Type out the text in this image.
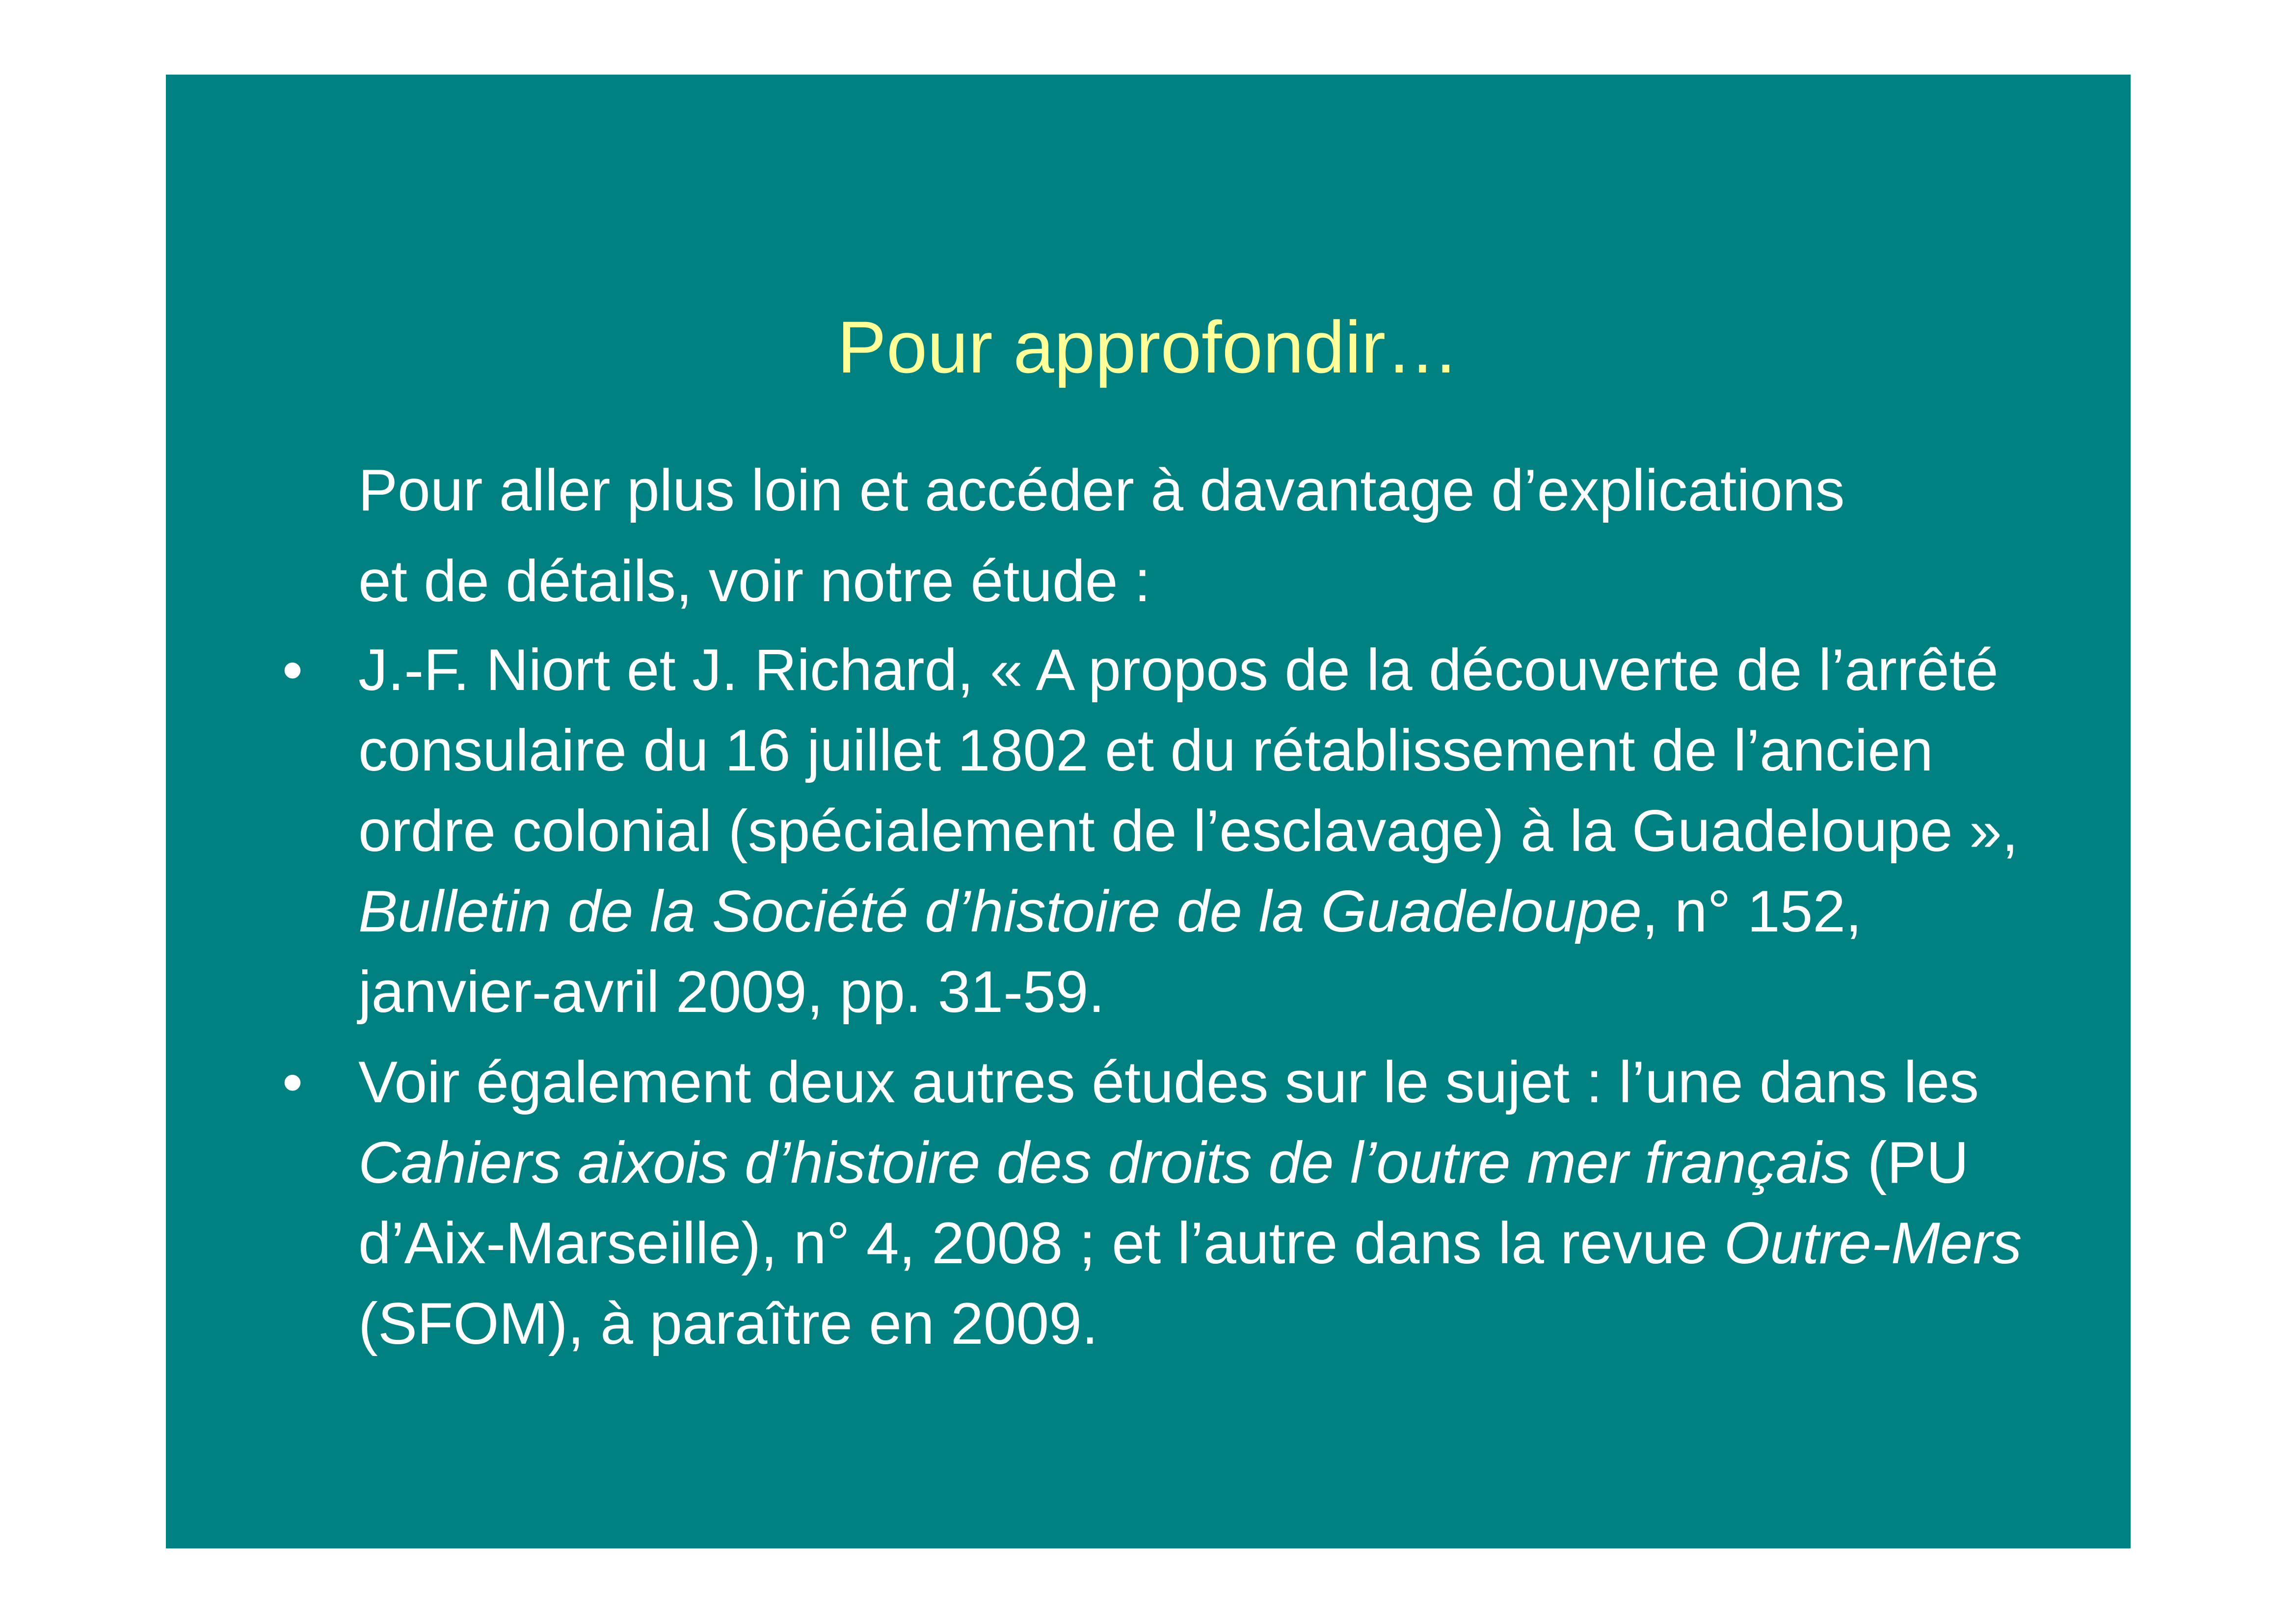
Pour approfondir…

Pour aller plus loin et accéder à davantage d’explications
et de détails, voir notre étude :

• J.-F. Niort et J. Richard, « A propos de la découverte de l’arrêté consulaire du 16 juillet 1802 et du rétablissement de l’ancien ordre colonial (spécialement de l’esclavage) à la Guadeloupe », Bulletin de la Société d’histoire de la Guadeloupe, n° 152, janvier-avril 2009, pp. 31-59.
• Voir également deux autres études sur le sujet : l’une dans les Cahiers aixois d’histoire des droits de l’outre mer français (PU d’Aix-Marseille), n° 4, 2008 ; et l’autre dans la revue Outre-Mers (SFOM), à paraître en 2009.
